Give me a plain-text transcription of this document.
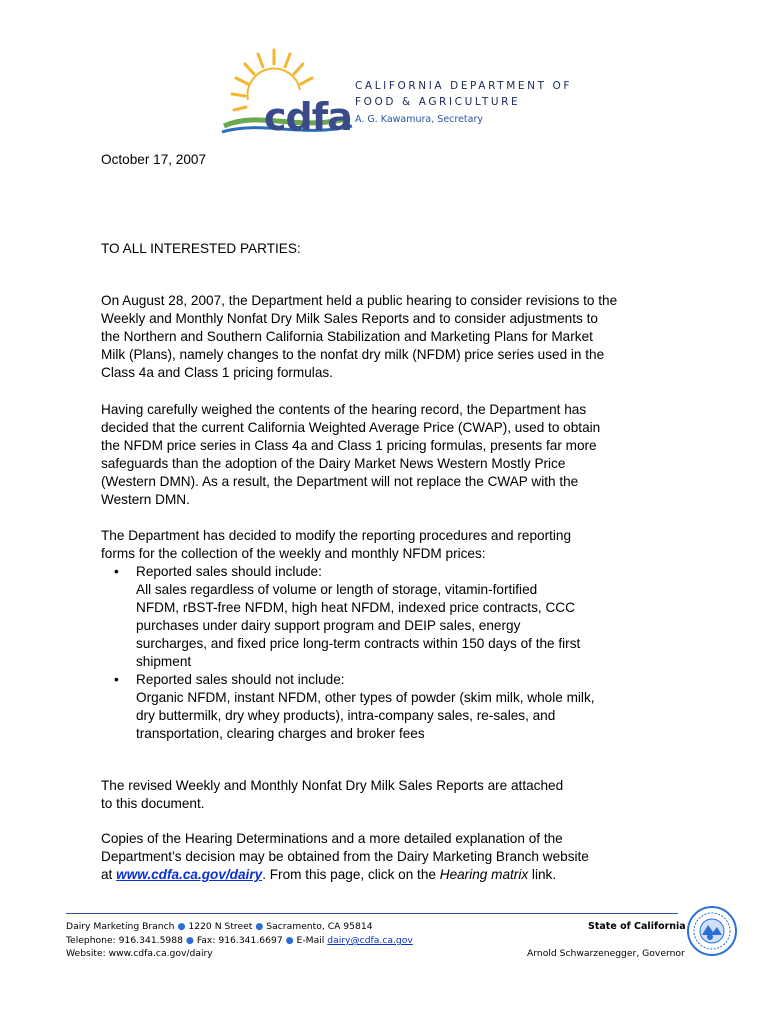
cdfa
CALIFORNIA DEPARTMENT OF
FOOD & AGRICULTURE
A. G. Kawamura, Secretary
October 17, 2007
TO ALL INTERESTED PARTIES:
On August 28, 2007, the Department held a public hearing to consider revisions to the
Weekly and Monthly Nonfat Dry Milk Sales Reports and to consider adjustments to
the Northern and Southern California Stabilization and Marketing Plans for Market
Milk (Plans), namely changes to the nonfat dry milk (NFDM) price series used in the
Class 4a and Class 1 pricing formulas.
Having carefully weighed the contents of the hearing record, the Department has
decided that the current California Weighted Average Price (CWAP), used to obtain
the NFDM price series in Class 4a and Class 1 pricing formulas, presents far more
safeguards than the adoption of the Dairy Market News Western Mostly Price
(Western DMN). As a result, the Department will not replace the CWAP with the
Western DMN.
The Department has decided to modify the reporting procedures and reporting
forms for the collection of the weekly and monthly NFDM prices:
• Reported sales should include:
All sales regardless of volume or length of storage, vitamin-fortified
NFDM, rBST-free NFDM, high heat NFDM, indexed price contracts, CCC
purchases under dairy support program and DEIP sales, energy
surcharges, and fixed price long-term contracts within 150 days of the first
shipment
• Reported sales should not include:
Organic NFDM, instant NFDM, other types of powder (skim milk, whole milk,
dry buttermilk, dry whey products), intra-company sales, re-sales, and
transportation, clearing charges and broker fees
The revised Weekly and Monthly Nonfat Dry Milk Sales Reports are attached
to this document.
Copies of the Hearing Determinations and a more detailed explanation of the
Department’s decision may be obtained from the Dairy Marketing Branch website
at www.cdfa.ca.gov/dairy. From this page, click on the Hearing matrix link.
Dairy Marketing Branch ● 1220 N Street ● Sacramento, CA 95814
Telephone: 916.341.5988 ● Fax: 916.341.6697 ● E-Mail dairy@cdfa.ca.gov
Website: www.cdfa.ca.gov/dairy
State of California
Arnold Schwarzenegger, Governor
